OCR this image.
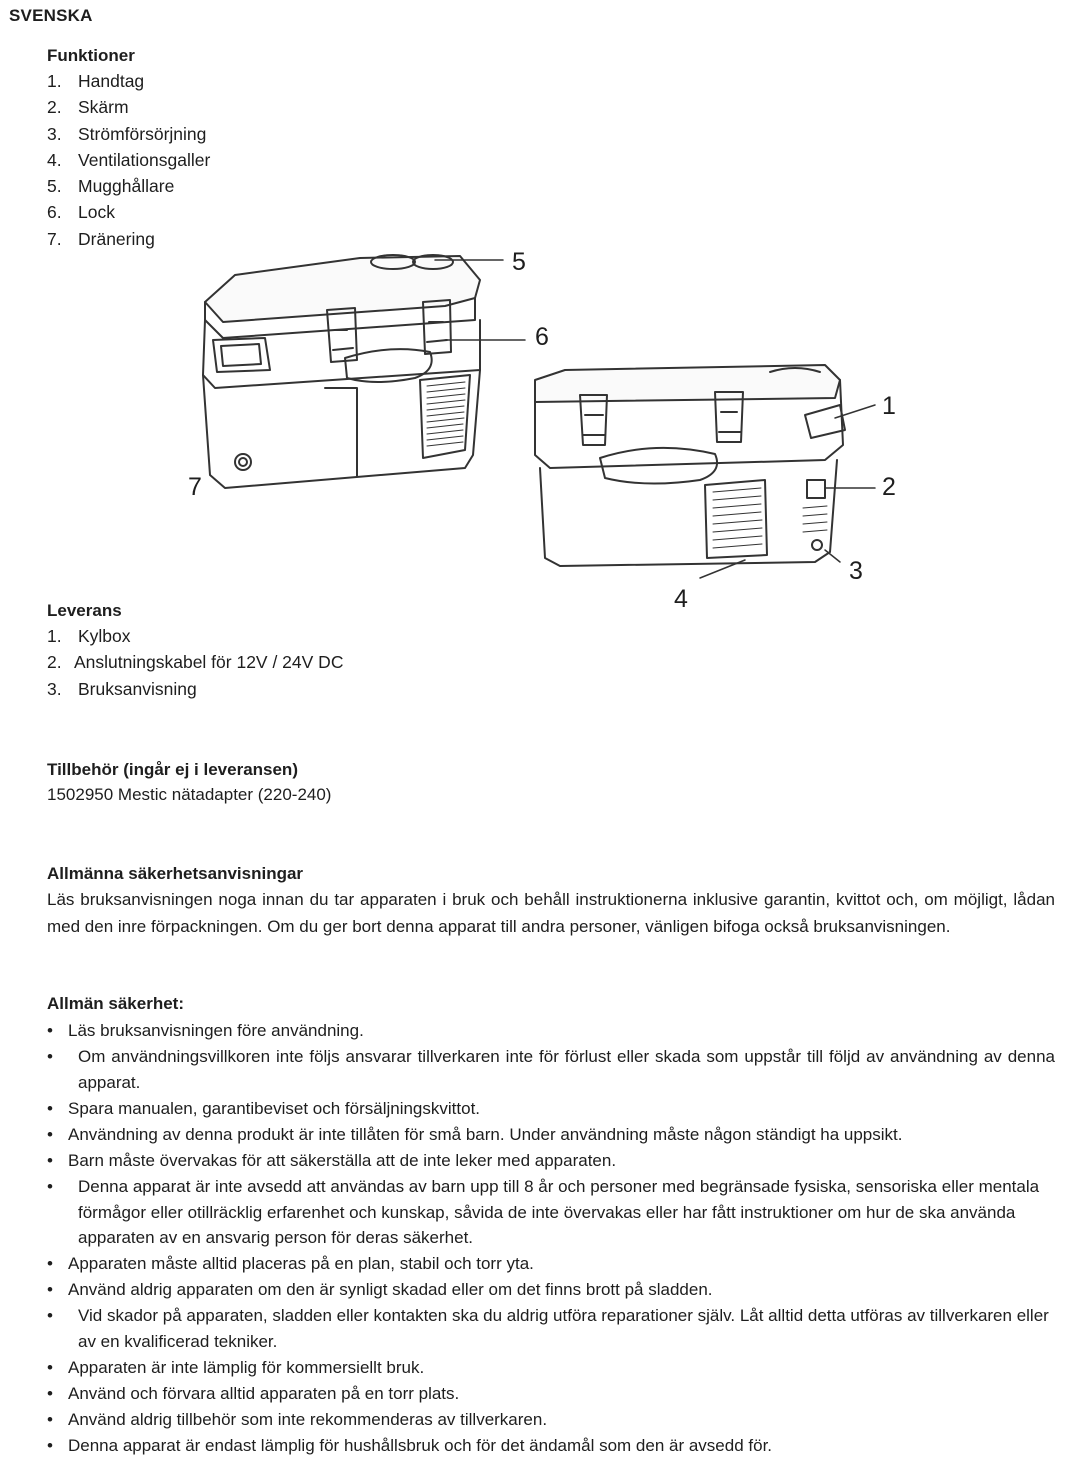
SVENSKA
Funktioner
1. Handtag
2. Skärm
3. Strömförsörjning
4. Ventilationsgaller
5. Mugghållare
6. Lock
7. Dränering
5
6
1
7	2
3
4
Leverans
1. Kylbox
2. Anslutningskabel för 12V / 24V DC
3. Bruksanvisning
Tillbehör (ingår ej i leveransen)
1502950 Mestic nätadapter (220-240)
Allmänna säkerhetsanvisningar
Läs bruksanvisningen noga innan du tar apparaten i bruk och behåll instruktionerna inklusive garantin, kvittot och, om möjligt, lådan med den inre förpackningen. Om du ger bort denna apparat till andra personer, vänligen bifoga också bruksanvisningen.
Allmän säkerhet:
• Läs bruksanvisningen före användning.
• Om användningsvillkoren inte följs ansvarar tillverkaren inte för förlust eller skada som uppstår till följd av användning av denna apparat.
• Spara manualen, garantibeviset och försäljningskvittot.
• Användning av denna produkt är inte tillåten för små barn. Under användning måste någon ständigt ha uppsikt.
• Barn måste övervakas för att säkerställa att de inte leker med apparaten.
• Denna apparat är inte avsedd att användas av barn upp till 8 år och personer med begränsade fysiska, sensoriska eller mentala förmågor eller otillräcklig erfarenhet och kunskap, såvida de inte övervakas eller har fått instruktioner om hur de ska använda apparaten av en ansvarig person för deras säkerhet.
• Apparaten måste alltid placeras på en plan, stabil och torr yta.
• Använd aldrig apparaten om den är synligt skadad eller om det finns brott på sladden.
• Vid skador på apparaten, sladden eller kontakten ska du aldrig utföra reparationer själv. Låt alltid detta utföras av tillverkaren eller av en kvalificerad tekniker.
• Apparaten är inte lämplig för kommersiellt bruk.
• Använd och förvara alltid apparaten på en torr plats.
• Använd aldrig tillbehör som inte rekommenderas av tillverkaren.
• Denna apparat är endast lämplig för hushållsbruk och för det ändamål som den är avsedd för.
